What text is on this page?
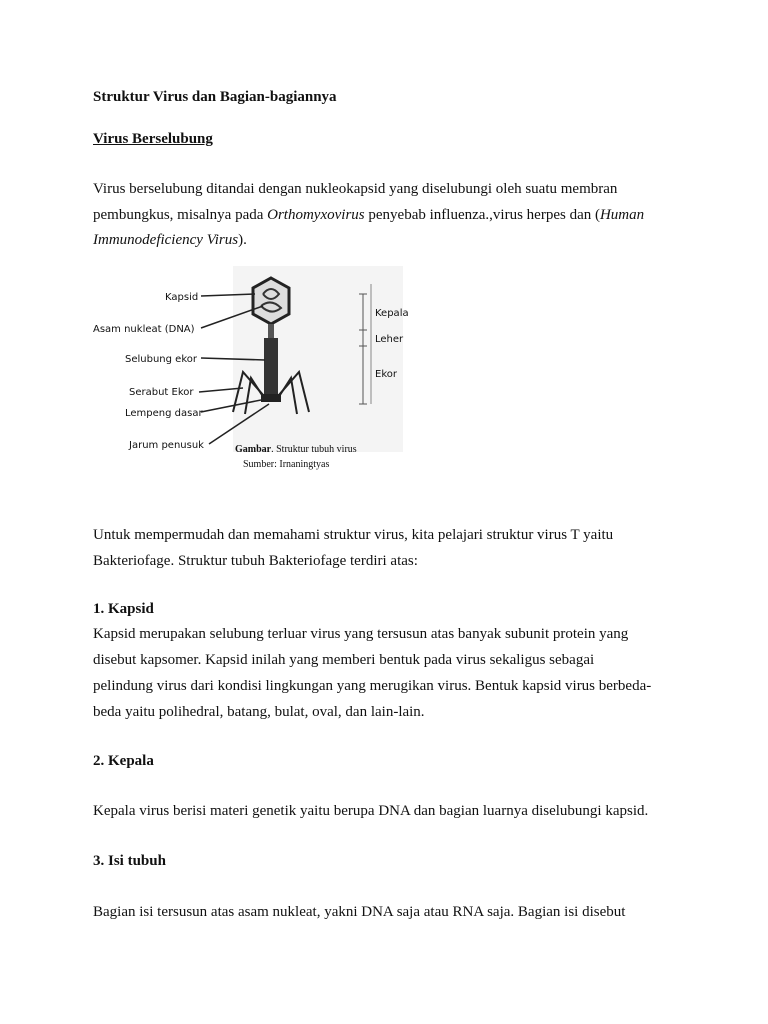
Struktur Virus dan Bagian-bagiannya
Virus Berselubung
Virus berselubung ditandai dengan nukleokapsid yang diselubungi oleh suatu membran
pembungkus, misalnya pada Orthomyxovirus penyebab influenza.,virus herpes dan (Human
Immunodeficiency Virus).
Kapsid
Asam nukleat (DNA)
Selubung ekor
Serabut Ekor
Lempeng dasar
Jarum penusuk
Kepala
Leher
Ekor
Gambar. Struktur tubuh virus
Sumber: Irnaningtyas
Untuk mempermudah dan memahami struktur virus, kita pelajari struktur virus T yaitu
Bakteriofage. Struktur tubuh Bakteriofage terdiri atas:
1. Kapsid
Kapsid merupakan selubung terluar virus yang tersusun atas banyak subunit protein yang
disebut kapsomer. Kapsid inilah yang memberi bentuk pada virus sekaligus sebagai
pelindung virus dari kondisi lingkungan yang merugikan virus. Bentuk kapsid virus berbeda-
beda yaitu polihedral, batang, bulat, oval, dan lain-lain.
2. Kepala
Kepala virus berisi materi genetik yaitu berupa DNA dan bagian luarnya diselubungi kapsid.
3. Isi tubuh
Bagian isi tersusun atas asam nukleat, yakni DNA saja atau RNA saja. Bagian isi disebut
